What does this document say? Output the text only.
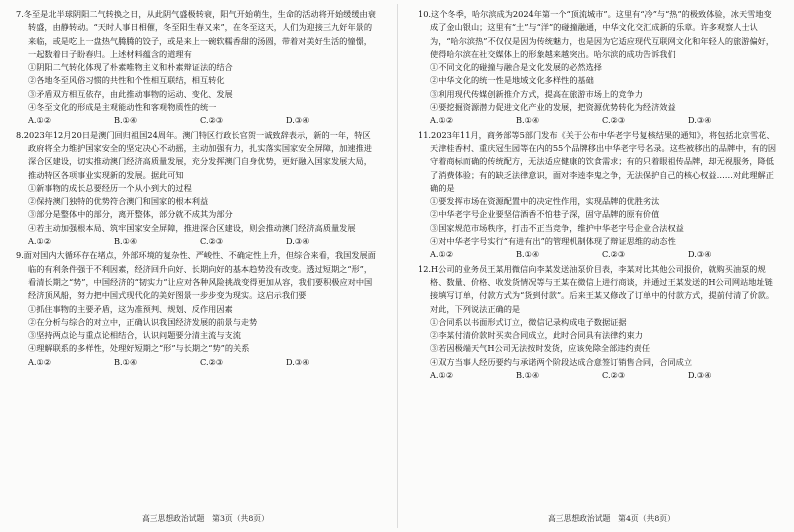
7.冬至是北半球阴阳二气转换之日，从此阴气盛极转衰，阳气开始萌生，生命的活动将开始缓缓由衰转盛，由静转动。“天时人事日相催，冬至阳生春又来”，在冬至这天，人们为迎接三九好年景的来临，或是吃上一盘热气腾腾的饺子，或是来上一碗软糯香甜的汤圆，带着对美好生活的憧憬，一起数着日子盼春归。上述材料蕴含的道理有
①阴阳二气转化体现了朴素唯物主义和朴素辩证法的结合
②各地冬至风俗习惯的共性和个性相互联结，相互转化
③矛盾双方相互依存，由此推动事物的运动、变化、发展
④冬至文化的形成是主观能动性和客观物质性的统一
A.①②	B.①④	C.②③	D.③④
8.2023年12月20日是澳门回归祖国24周年。澳门特区行政长官贺一诚致辞表示，新的一年，特区政府将全力维护国家安全的坚定决心不动摇，主动加强有力，扎实落实国家安全屏障，加速推进深合区建设，切实推动澳门经济高质量发展，充分发挥澳门自身优势，更好融入国家发展大局，推动特区各项事业实现新的发展。据此可知
①新事物的成长总要经历一个从小到大的过程
②保持澳门独特的优势符合澳门和国家的根本利益
③部分是整体中的部分，离开整体，部分就不成其为部分
④若主动加强根本局、筑牢国家安全屏障，推进深合区建设，则会推动澳门经济高质量发展
A.①②	B.①④	C.②③	D.③④
9.面对国内大循环存在堵点，外部环境的复杂性、严峻性、不确定性上升，但综合来看，我国发展面临的有利条件强于不利因素，经济回升向好、长期向好的基本趋势没有改变。透过短期之“形”，看清长期之“势”，中国经济的“韧实力”让应对各种风险挑战变得更加从容，我们要积极应对中国经济顶风船，努力把中国式现代化的美好图景一步步变为现实。这启示我们要
①抓住事物的主要矛盾，这为准预判、规划、反作用因素
②在分析与综合的对立中，正确认识我国经济发展的前景与走势
③坚持两点论与重点论相结合，认识问题要分清主流与支流
④理解联系的多样性，处理好短期之“形”与长期之“势”的关系
A.①②	B.①④	C.②③	D.③④
10.这个冬季，哈尔滨成为2024年第一个“顶流城市”。这里有“冷”与“热”的极致体验，冰天雪地变成了金山银山；这里有“土”与“洋”的碰撞融通，中华文化交汇成新的乐章。许多观察人士认为，“哈尔滨热”不仅仅是因为传统魅力，也是因为它适应现代互联网文化和年轻人的旅游偏好，使得哈尔滨在社交媒体上的形象越来越突出。哈尔滨的成功告诉我们
①不同文化的碰撞与融合是文化发展的必然选择
②中华文化的统一性是地域文化多样性的基础
③利用现代传媒创新推介方式，提高在旅游市场上的竞争力
④要挖掘资源潜力促进文化产业的发展，把资源优势转化为经济效益
A.①②	B.①④	C.②③	D.③④
11.2023年11月，商务部等5部门发布《关于公布中华老字号复核结果的通知》，将包括北京雪花、天津桂香村、重庆冠生园等在内的55个品牌移出中华老字号名录。这些被移出的品牌中，有的因守着商标而确的传统配方，无法适应健康的饮食需求；有的只着眼祖传品牌，却无视服务，降低了消费体验；有的缺乏法律意识，面对李逵李鬼之争，无法保护自己的核心权益……对此理解正确的是
①要发挥市场在资源配置中的决定性作用，实现品牌的优胜劣汰
②中华老字号企业要坚信酒香不怕巷子深，固守品牌的原有价值
③国家规范市场秩序，打击不正当竞争，维护中华老字号企业合法权益
④对中华老字号实行“有进有出”的管理机制体现了辩证思维的动态性
A.①②	B.①④	C.②③	D.③④
12.H公司的业务员王某用微信向李某发送油泵价目表，李某对比其他公司报价，就购买油泵的规格、数量、价格、收发货情况等与王某在微信上进行商谈，并通过王某发送的H公司网站地址链接填写订单，付款方式为“货到付款”。后来王某又修改了订单中的付款方式，提前付清了价款。对此，下列说法正确的是
①合同系以书面形式订立，微信记录构成电子数据证据
②李某付清价款时买卖合同成立，此时合同具有法律约束力
③若因极端天气H公司无法按时发货，应该免除全部违约责任
④双方当事人经历要约与承诺两个阶段达成合意签订销售合同，合同成立
A.①②	B.①④	C.②③	D.③④
高三思想政治试题　第3页（共8页）	高三思想政治试题　第4页（共8页）
